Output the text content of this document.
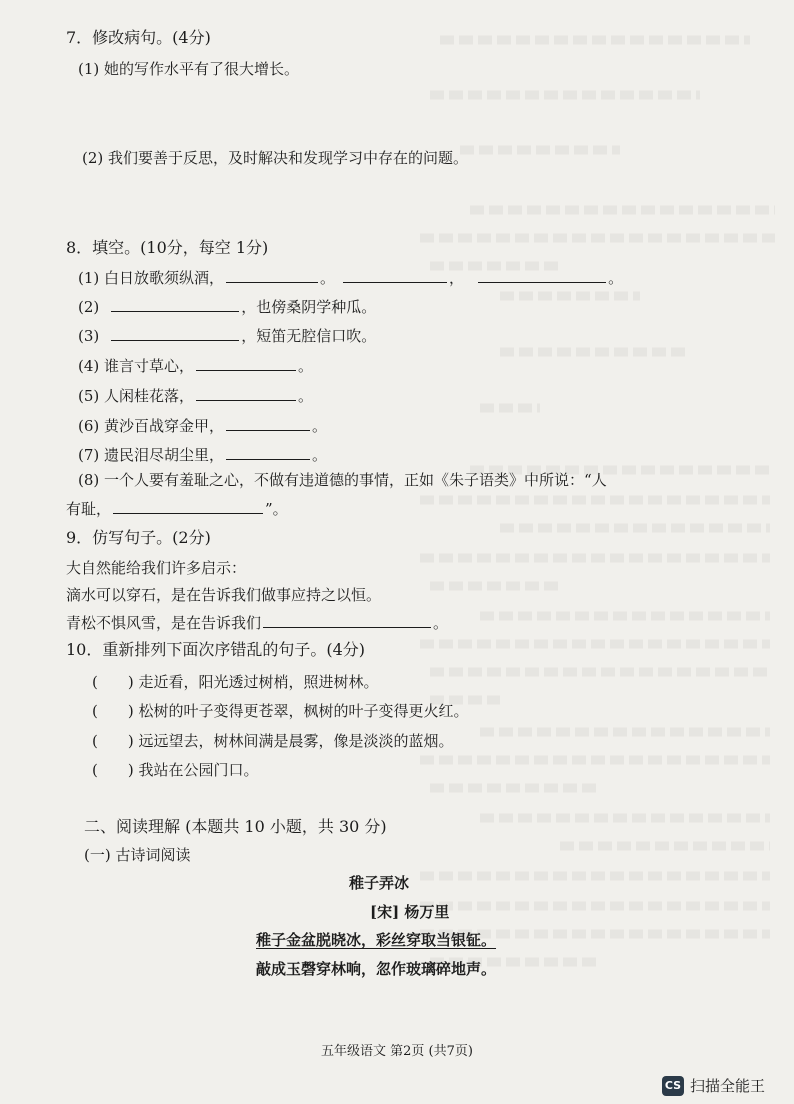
7．修改病句。(4分)
(1) 她的写作水平有了很大增长。
(2) 我们要善于反思，及时解决和发现学习中存在的问题。
8．填空。(10分，每空 1分)
(1) 白日放歌须纵酒，	。	，	。
(2)	，也傍桑阴学种瓜。
(3)	，短笛无腔信口吹。
(4) 谁言寸草心，	。
(5) 人闲桂花落，	。
(6) 黄沙百战穿金甲，	。
(7) 遗民泪尽胡尘里，	。
(8) 一个人要有羞耻之心，不做有违道德的事情，正如《朱子语类》中所说：“人
有耻，	”。
9．仿写句子。(2分)
大自然能给我们许多启示：
滴水可以穿石，是在告诉我们做事应持之以恒。
青松不惧风雪，是在告诉我们	。
10．重新排列下面次序错乱的句子。(4分)
( ) 走近看，阳光透过树梢，照进树林。
( ) 松树的叶子变得更苍翠，枫树的叶子变得更火红。
( ) 远远望去，树林间满是晨雾，像是淡淡的蓝烟。
( ) 我站在公园门口。
二、阅读理解 (本题共 10 小题，共 30 分)
(一) 古诗词阅读
稚子弄冰
[宋] 杨万里
稚子金盆脱晓冰，彩丝穿取当银钲。
敲成玉磬穿林响，忽作玻璃碎地声。
五年级语文 第2页 (共7页)
CS 扫描全能王
